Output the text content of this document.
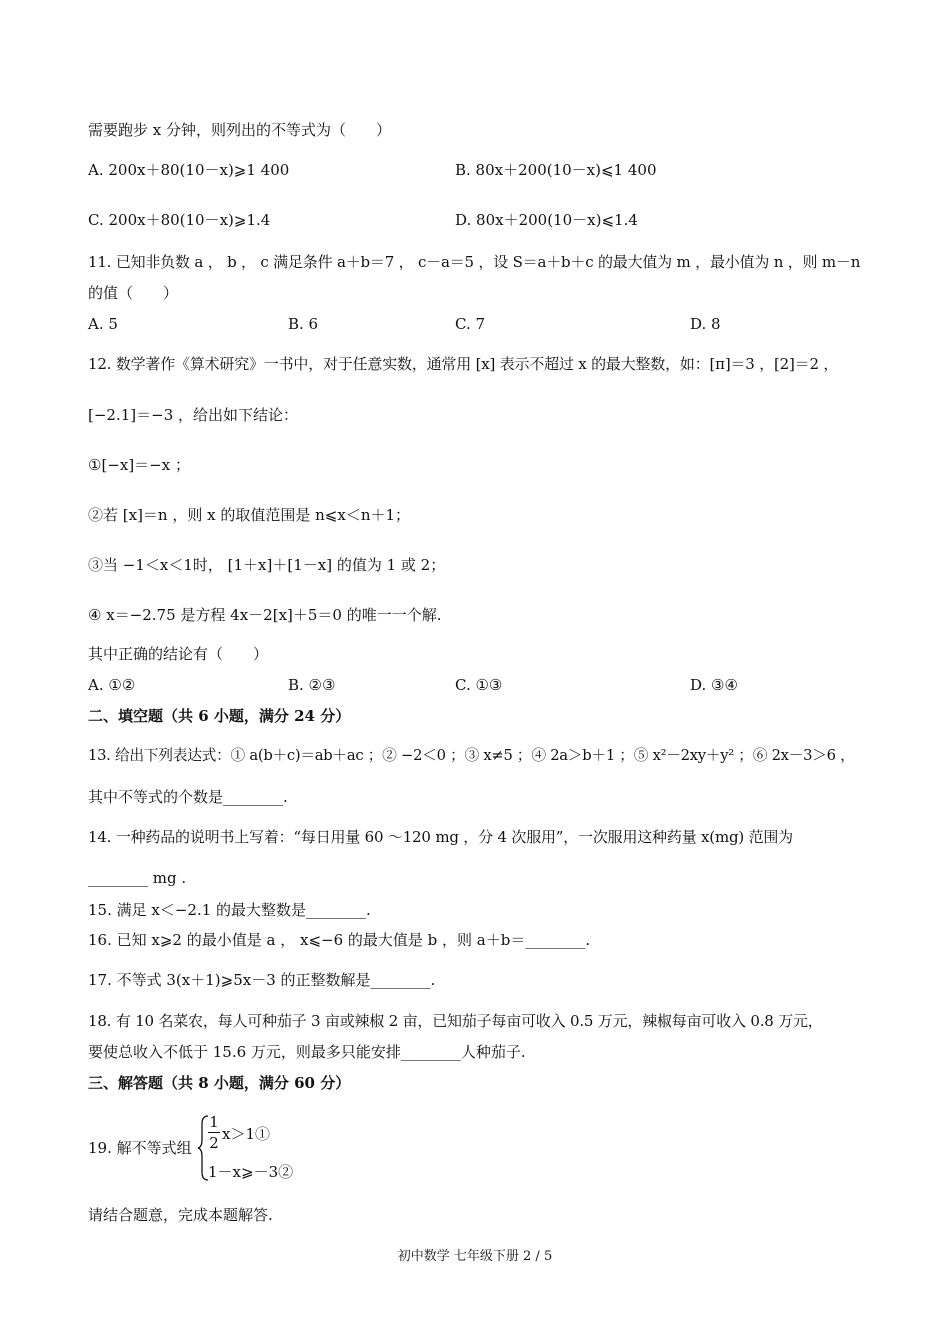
需要跑步 x 分钟，则列出的不等式为（　　）
A. 200x＋80(10－x)⩾1 400	B. 80x＋200(10－x)⩽1 400
C. 200x＋80(10－x)⩾1.4	D. 80x＋200(10－x)⩽1.4
11. 已知非负数 a ， b ， c 满足条件 a＋b＝7 ， c－a＝5 ，设 S＝a＋b＋c 的最大值为 m ，最小值为 n ，则 m－n
的值（　　）
A. 5	B. 6	C. 7	D. 8
12. 数学著作《算术研究》一书中，对于任意实数，通常用 [x] 表示不超过 x 的最大整数，如：[π]＝3 ，[2]＝2 ，
[−2.1]＝−3 ，给出如下结论：
①[−x]＝−x ；
②若 [x]＝n ，则 x 的取值范围是 n⩽x＜n＋1；
③当 −1＜x＜1时， [1＋x]＋[1－x] 的值为 1 或 2；
④ x＝−2.75 是方程 4x－2[x]＋5＝0 的唯一一个解.
其中正确的结论有（　　）
A. ①②	B. ②③	C. ①③	D. ③④
二、填空题（共 6 小题，满分 24 分）
13. 给出下列表达式：① a(b＋c)＝ab＋ac ；② −2＜0 ；③ x≠5 ；④ 2a＞b＋1 ；⑤ x²－2xy＋y² ；⑥ 2x－3＞6 ，
其中不等式的个数是________.
14. 一种药品的说明书上写着：“每日用量 60 ～120 mg ，分 4 次服用”，一次服用这种药量 x(mg) 范围为
________ mg .
15. 满足 x＜−2.1 的最大整数是________.
16. 已知 x⩾2 的最小值是 a ， x⩽−6 的最大值是 b ，则 a＋b＝________.
17. 不等式 3(x＋1)⩾5x－3 的正整数解是________.
18. 有 10 名菜农，每人可种茄子 3 亩或辣椒 2 亩，已知茄子每亩可收入 0.5 万元，辣椒每亩可收入 0.8 万元，
要使总收入不低于 15.6 万元，则最多只能安排________人种茄子.
三、解答题（共 8 小题，满分 60 分）
19. 解不等式组
1
2 x＞1①
1－x⩾－3②
请结合题意，完成本题解答.
初中数学 七年级下册 2 / 5
